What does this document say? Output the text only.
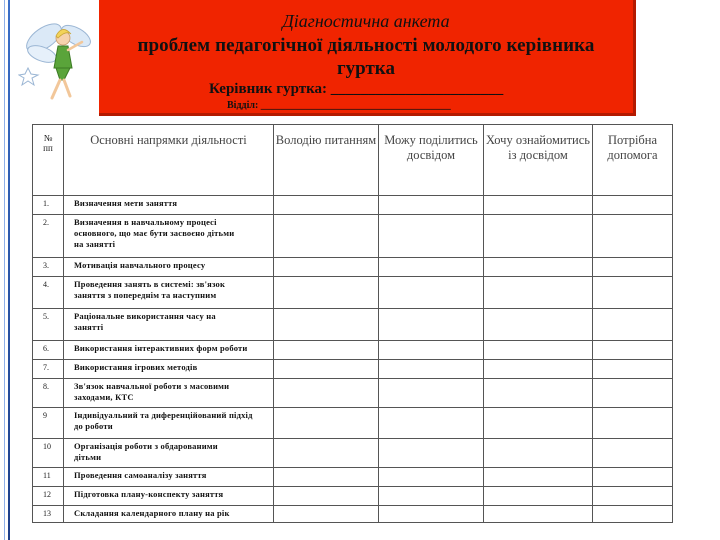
Діагностична анкета
проблем педагогічної діяльності молодого керівника
гуртка
Керівник гуртка: _______________________
Відділ: ______________________________________
№
пп	Основні напрямки діяльності	Володію питанням	Можу поділитись досвідом	Хочу ознайомитись із досвідом	Потрібна допомога
1.	Визначення мети заняття				
2.	Визначення в навчальному процесі
основного, що має бути засвоєно дітьми
на занятті				
3.	Мотивація навчального процесу				
4.	Проведення занять в системі: зв'язок
заняття з попереднім та наступним				
5.	Раціональне використання часу на
занятті				
6.	Використання інтерактивних форм роботи				
7.	Використання ігрових методів				
8.	Зв'язок навчальної роботи з масовими
заходами, КТС				
9	Індивідуальний та диференційований підхід
до роботи				
10	Організація роботи з обдарованими
дітьми				
11	Проведення самоаналізу заняття				
12	Підготовка плану-конспекту заняття				
13	Складання календарного плану на рік				
